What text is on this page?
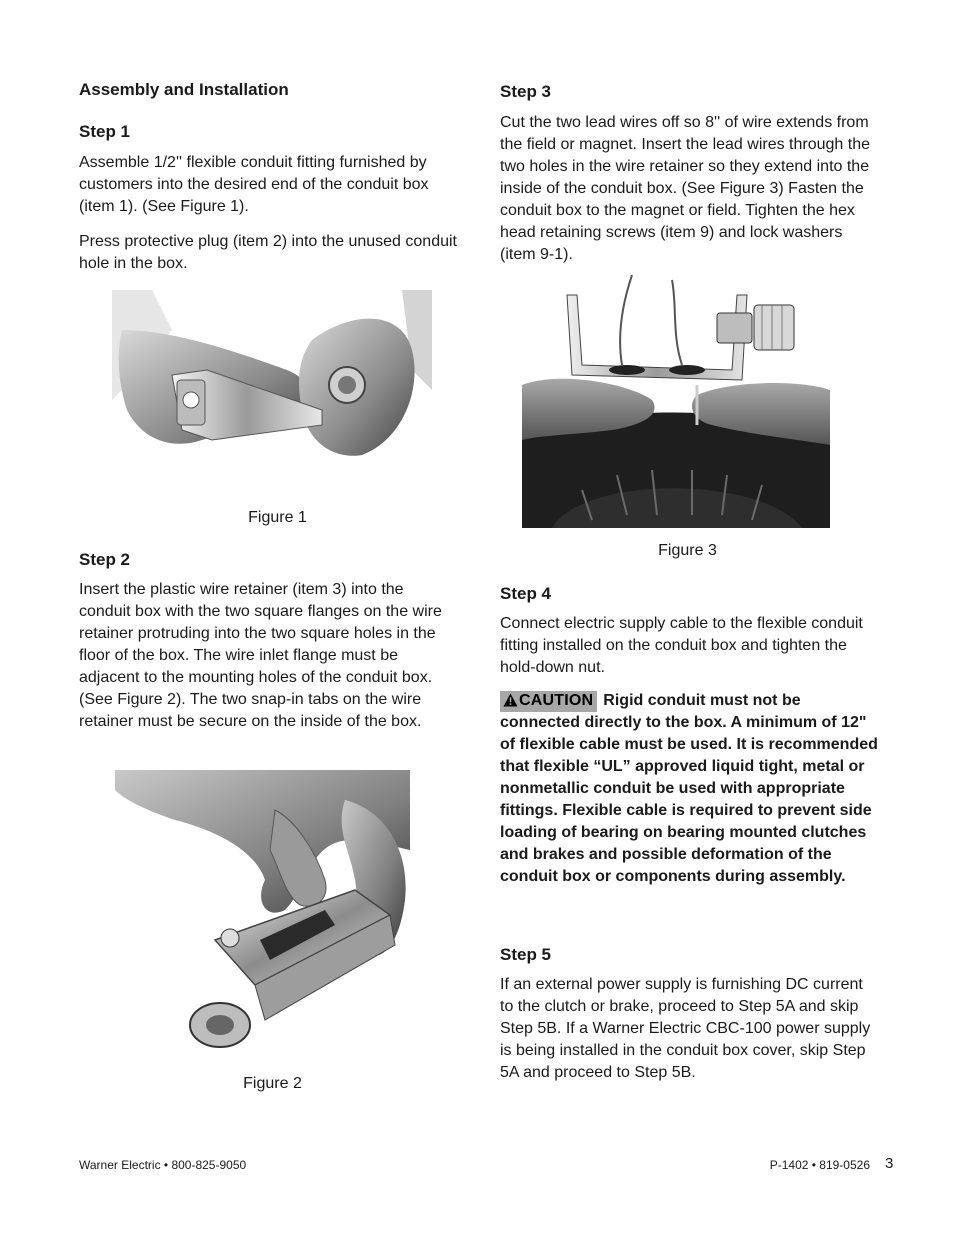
Assembly and Installation
Step 1
Assemble 1/2'' flexible conduit fitting furnished by customers into the desired end of the conduit box (item 1). (See Figure 1).
Press protective plug (item 2) into the unused conduit hole in the box.
Figure 1
Step 2
Insert the plastic wire retainer (item 3) into the conduit box with the two square flanges on the wire retainer protruding into the two square holes in the floor of the box. The wire inlet flange must be adjacent to the mounting holes of the conduit box. (See Figure 2). The two snap-in tabs on the wire retainer must be secure on the inside of the box.
Figure 2
Step 3
Cut the two lead wires off so 8'' of wire extends from the field or magnet. Insert the lead wires through the two holes in the wire retainer so they extend into the inside of the conduit box. (See Figure 3) Fasten the conduit box to the magnet or field. Tighten the hex head retaining screws (item 9) and lock washers (item 9-1).
Figure 3
Step 4
Connect electric supply cable to the flexible conduit fitting installed on the conduit box and tighten the hold-down nut.
CAUTION Rigid conduit must not be connected directly to the box. A minimum of 12" of flexible cable must be used. It is recommended that flexible “UL” approved liquid tight, metal or nonmetallic conduit be used with appropriate fittings. Flexible cable is required to prevent side loading of bearing on bearing mounted clutches and brakes and possible deformation of the conduit box or components during assembly.
Step 5
If an external power supply is furnishing DC current to the clutch or brake, proceed to Step 5A and skip Step 5B. If a Warner Electric CBC-100 power supply is being installed in the conduit box cover, skip Step 5A and proceed to Step 5B.
Warner Electric • 800-825-9050	P-1402 • 819-0526 3
